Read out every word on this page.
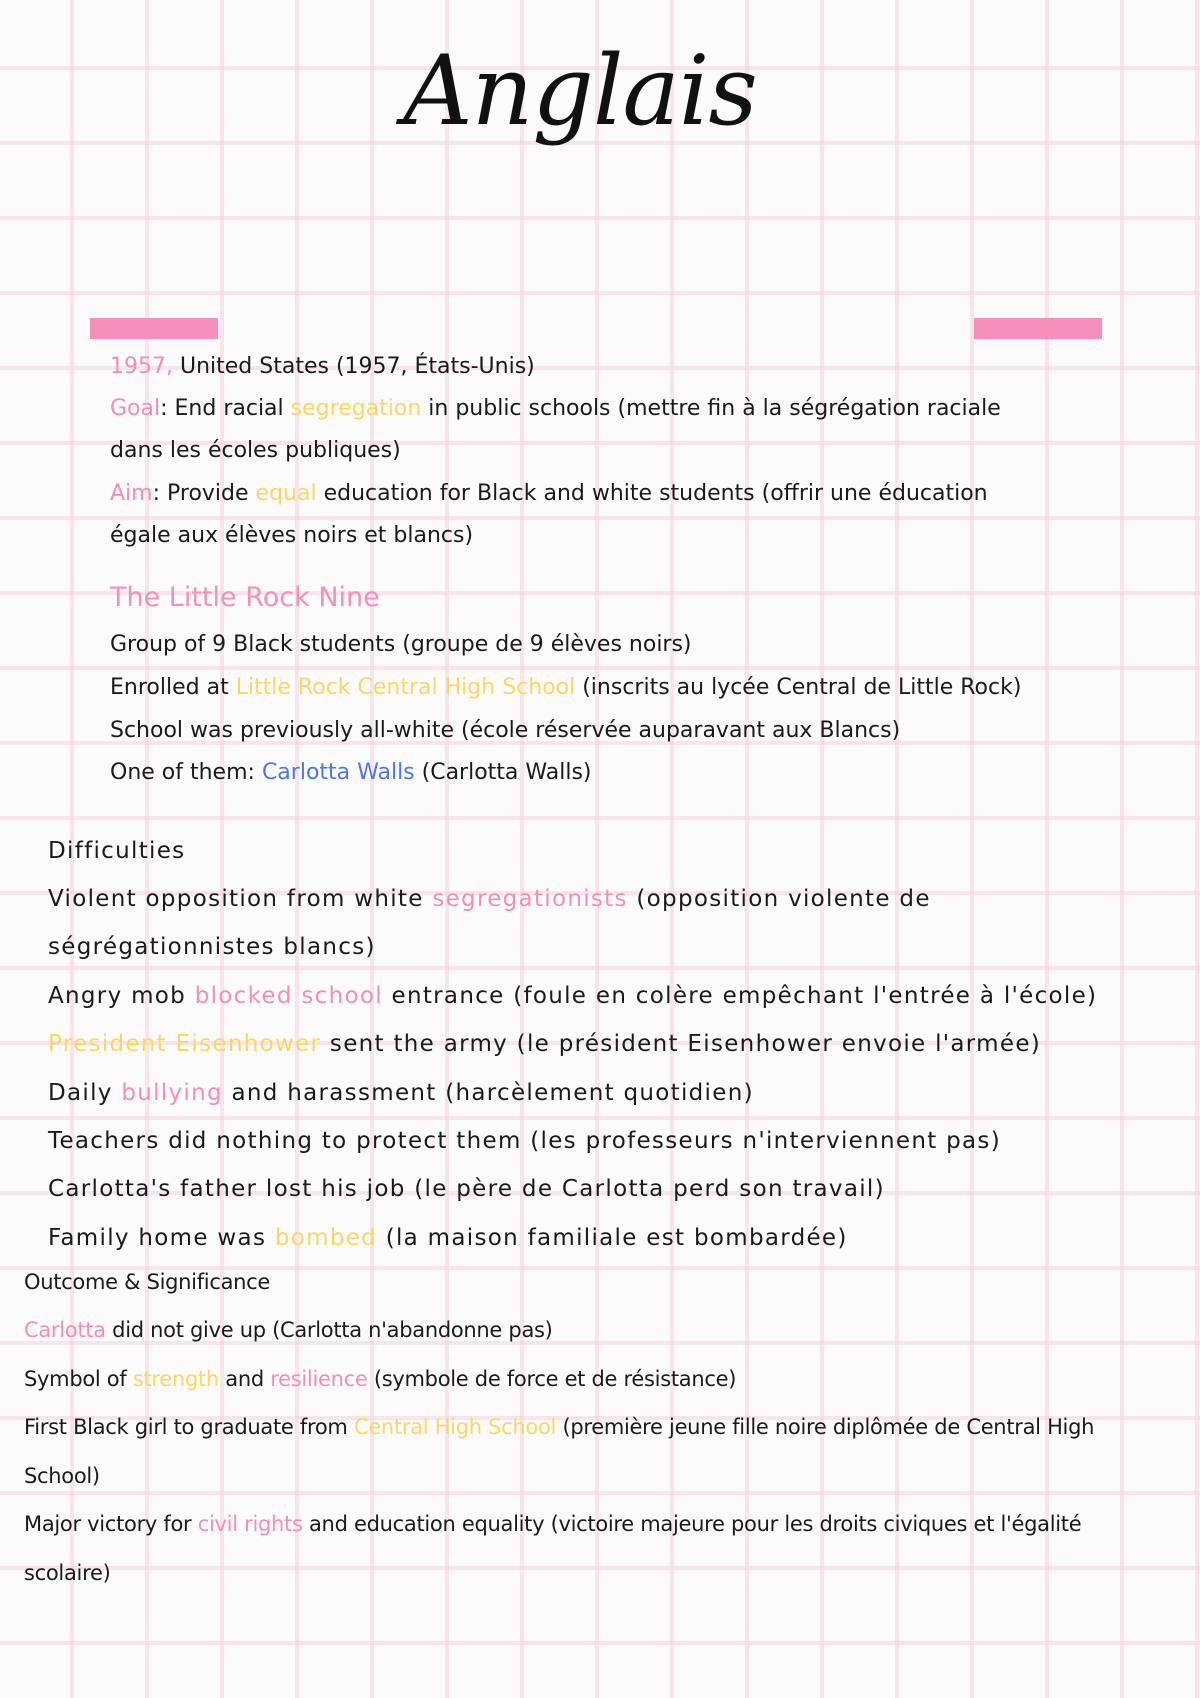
Anglais
1957, United States (1957, États-Unis)
Goal: End racial segregation in public schools (mettre fin à la ségrégation raciale
dans les écoles publiques)
Aim: Provide equal education for Black and white students (offrir une éducation
égale aux élèves noirs et blancs)
The Little Rock Nine
Group of 9 Black students (groupe de 9 élèves noirs)
Enrolled at Little Rock Central High School (inscrits au lycée Central de Little Rock)
School was previously all-white (école réservée auparavant aux Blancs)
One of them: Carlotta Walls (Carlotta Walls)
Difficulties
Violent opposition from white segregationists (opposition violente de
ségrégationnistes blancs)
Angry mob blocked school entrance (foule en colère empêchant l'entrée à l'école)
President Eisenhower sent the army (le président Eisenhower envoie l'armée)
Daily bullying and harassment (harcèlement quotidien)
Teachers did nothing to protect them (les professeurs n'interviennent pas)
Carlotta's father lost his job (le père de Carlotta perd son travail)
Family home was bombed (la maison familiale est bombardée)
Outcome & Significance
Carlotta did not give up (Carlotta n'abandonne pas)
Symbol of strength and resilience (symbole de force et de résistance)
First Black girl to graduate from Central High School (première jeune fille noire diplômée de Central High
School)
Major victory for civil rights and education equality (victoire majeure pour les droits civiques et l'égalité
scolaire)
